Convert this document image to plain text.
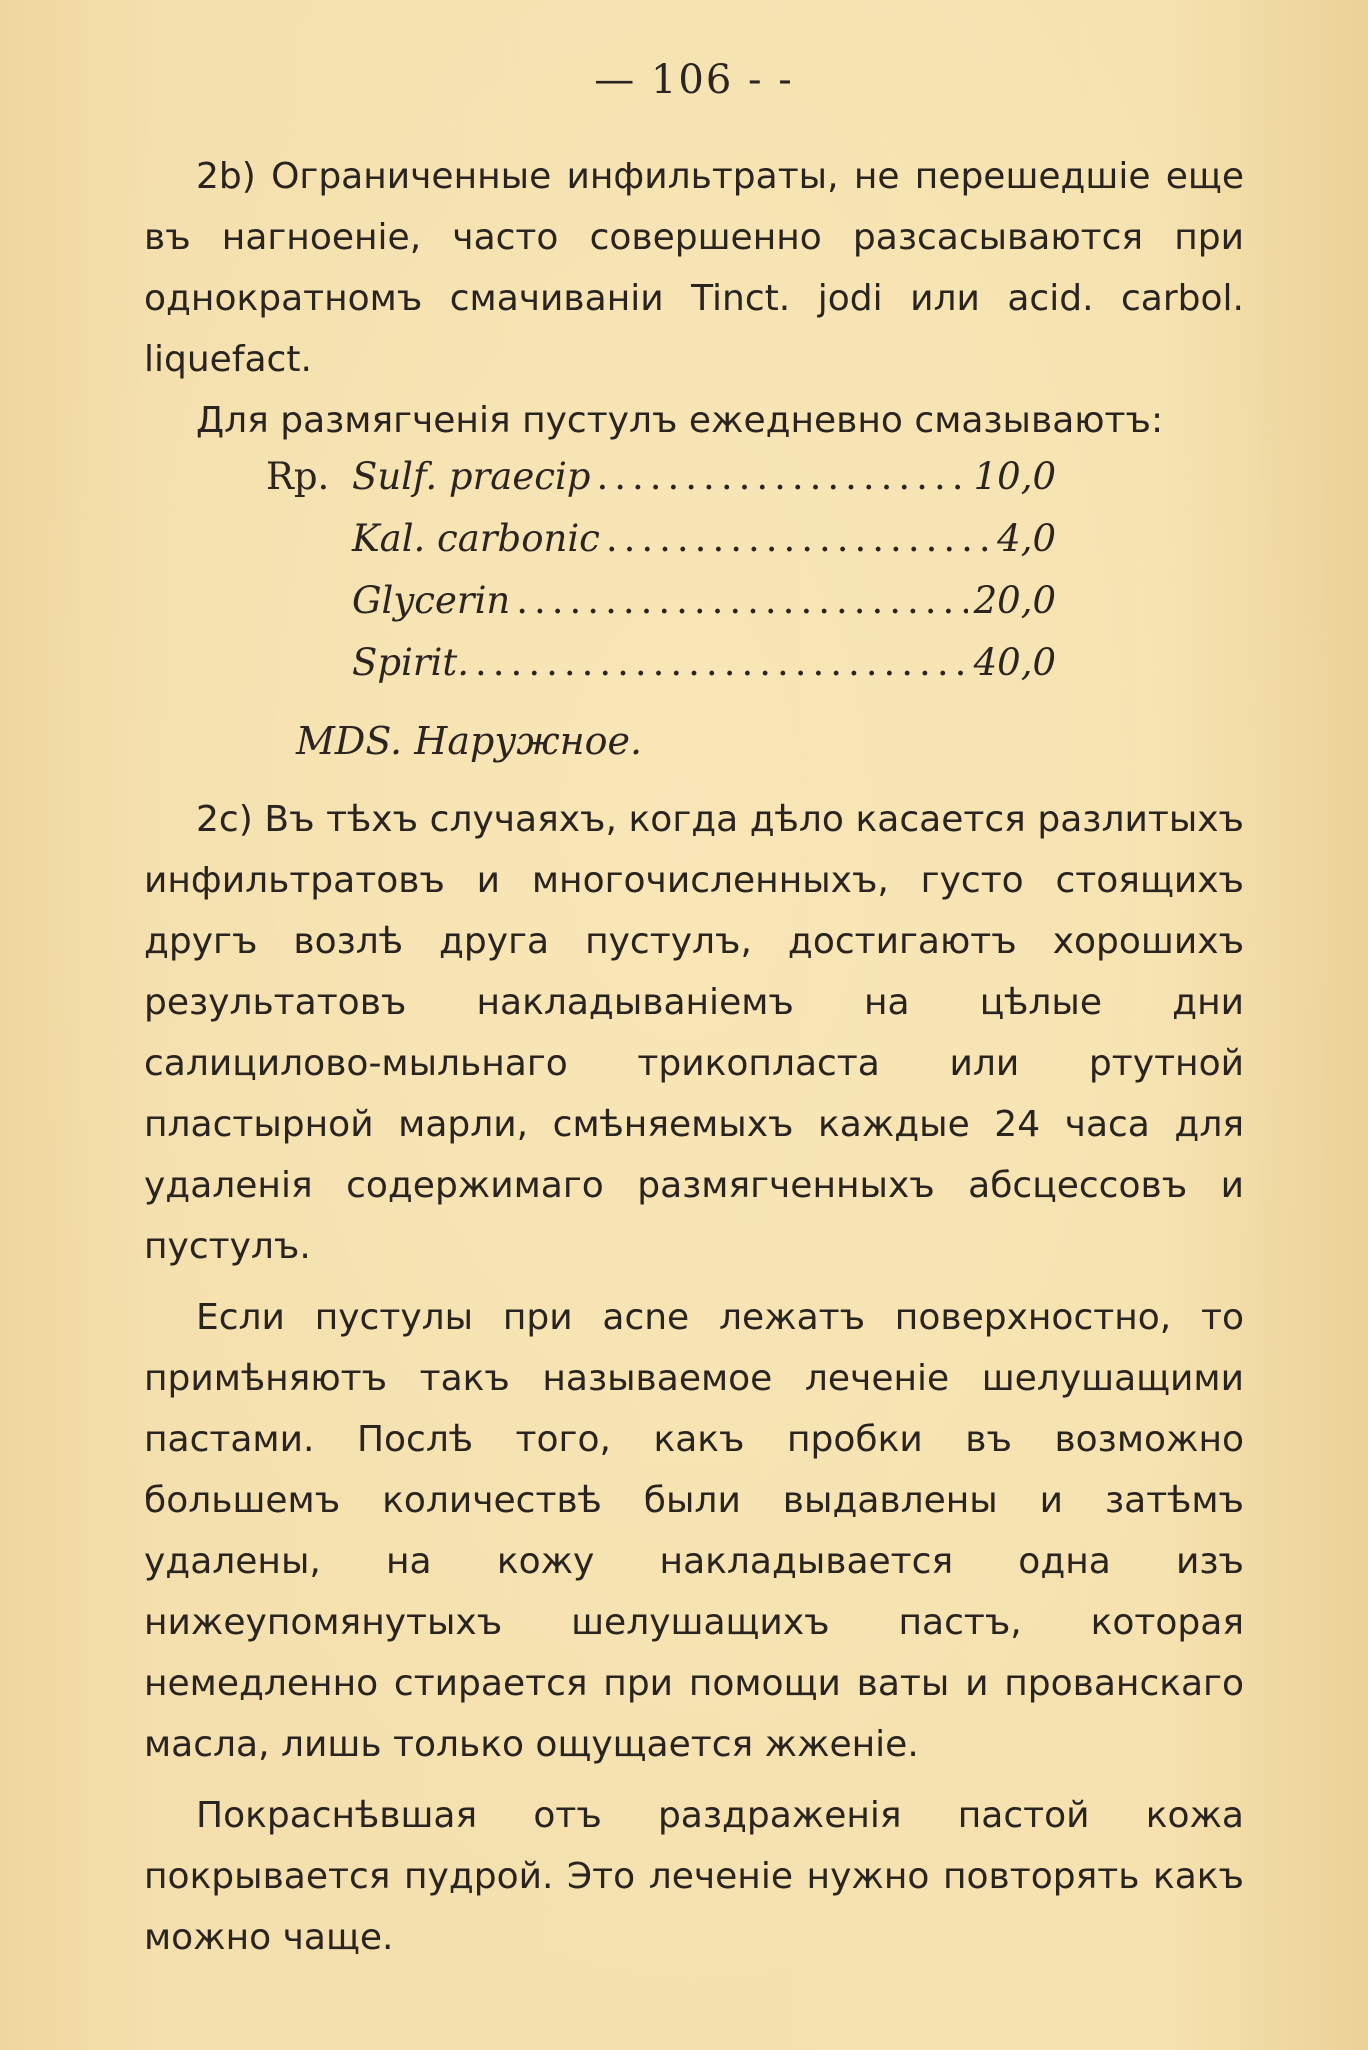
— 106 - -

2b) Ограниченные инфильтраты, не перешедшіе еще въ нагноеніе, часто совершенно разсасываются при однократномъ смачиваніи Tinct. jodi или acid. carbol. liquefact.

Для размягченія пустулъ ежедневно смазываютъ:

Rp. Sulf. praecip .....	10,0
Kal. carbonic .....	4,0
Glycerin .....	20,0
Spirit. .....	40,0
MDS. Наружное.

2c) Въ тѣхъ случаяхъ, когда дѣло касается разлитыхъ инфильтратовъ и многочисленныхъ, густо стоящихъ другъ возлѣ друга пустулъ, достигаютъ хорошихъ результатовъ накладываніемъ на цѣлые дни салицилово-мыльнаго трикопласта или ртутной пластырной марли, смѣняемыхъ каждые 24 часа для удаленія содержимаго размягченныхъ абсцессовъ и пустулъ.

Если пустулы при acne лежатъ поверхностно, то примѣняютъ такъ называемое леченіе шелушащими пастами. Послѣ того, какъ пробки въ возможно большемъ количествѣ были выдавлены и затѣмъ удалены, на кожу накладывается одна изъ нижеупомянутыхъ шелушащихъ пастъ, которая немедленно стирается при помощи ваты и прованскаго масла, лишь только ощущается жженіе.

Покраснѣвшая отъ раздраженія пастой кожа покрывается пудрой. Это леченіе нужно повторять какъ можно чаще.
